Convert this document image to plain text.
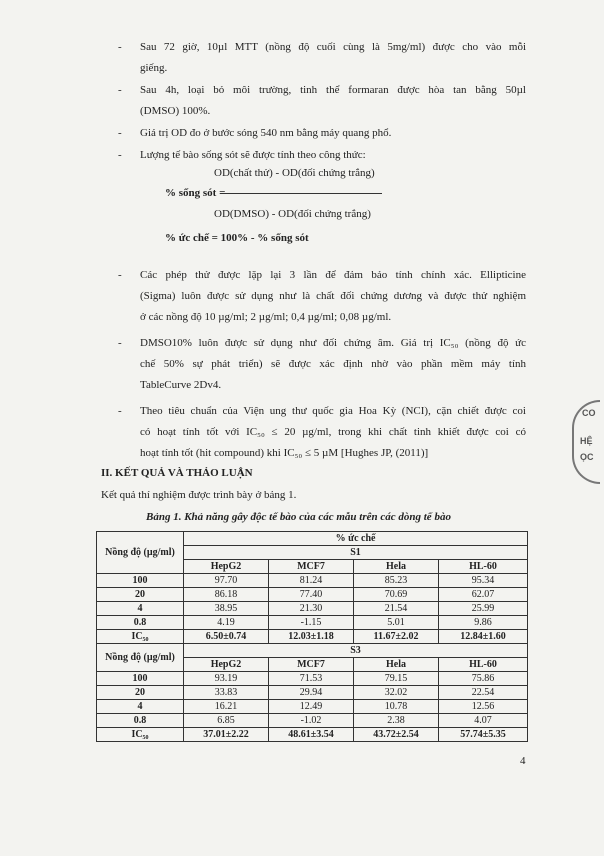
- Sau 72 giờ, 10µl MTT (nồng độ cuối cùng là 5mg/ml) được cho vào mỗi
giếng.
- Sau 4h, loại bỏ môi trường, tinh thể formaran được hòa tan bằng 50µl
(DMSO) 100%.
- Giá trị OD đo ở bước sóng 540 nm bằng máy quang phổ.
- Lượng tế bào sống sót sẽ được tính theo công thức:
- Các phép thử được lặp lại 3 lần để đảm bảo tính chính xác. Ellipticine
(Sigma) luôn được sử dụng như là chất đối chứng dương và được thử nghiệm
ở các nồng độ 10 µg/ml; 2 µg/ml; 0,4 µg/ml; 0,08 µg/ml.
- DMSO10% luôn được sử dụng như đối chứng âm. Giá trị IC₅₀ (nồng độ ức
chế 50% sự phát triển) sẽ được xác định nhờ vào phần mềm máy tính
TableCurve 2Dv4.
- Theo tiêu chuẩn của Viện ung thư quốc gia Hoa Kỳ (NCI), cặn chiết được coi
có hoạt tính tốt với IC₅₀ ≤ 20 µg/ml, trong khi chất tinh khiết được coi có
hoạt tính tốt (hit compound) khi IC₅₀ ≤ 5 µM [Hughes JP, (2011)]
OD(chất thử) - OD(đối chứng trắng)
% sống sót =
OD(DMSO) - OD(đối chứng trắng)
% ức chế = 100% - % sống sót
II. KẾT QUẢ VÀ THẢO LUẬN
Kết quả thí nghiệm được trình bày ở bảng 1.
Bảng 1. Khả năng gây độc tế bào của các mẫu trên các dòng tế bào
Nồng độ (µg/ml)	% ức chế			
	S1			
	HepG2	MCF7	Hela	HL-60
100	97.70	81.24	85.23	95.34
20	86.18	77.40	70.69	62.07
4	38.95	21.30	21.54	25.99
0.8	4.19	-1.15	5.01	9.86
IC₅₀	6.50±0.74	12.03±1.18	11.67±2.02	12.84±1.60
Nồng độ (µg/ml)	S3			
	HepG2	MCF7	Hela	HL-60
100	93.19	71.53	79.15	75.86
20	33.83	29.94	32.02	22.54
4	16.21	12.49	10.78	12.56
0.8	6.85	-1.02	2.38	4.07
IC₅₀	37.01±2.22	48.61±3.54	43.72±2.54	57.74±5.35
4
CO
HỆ
ỌC
